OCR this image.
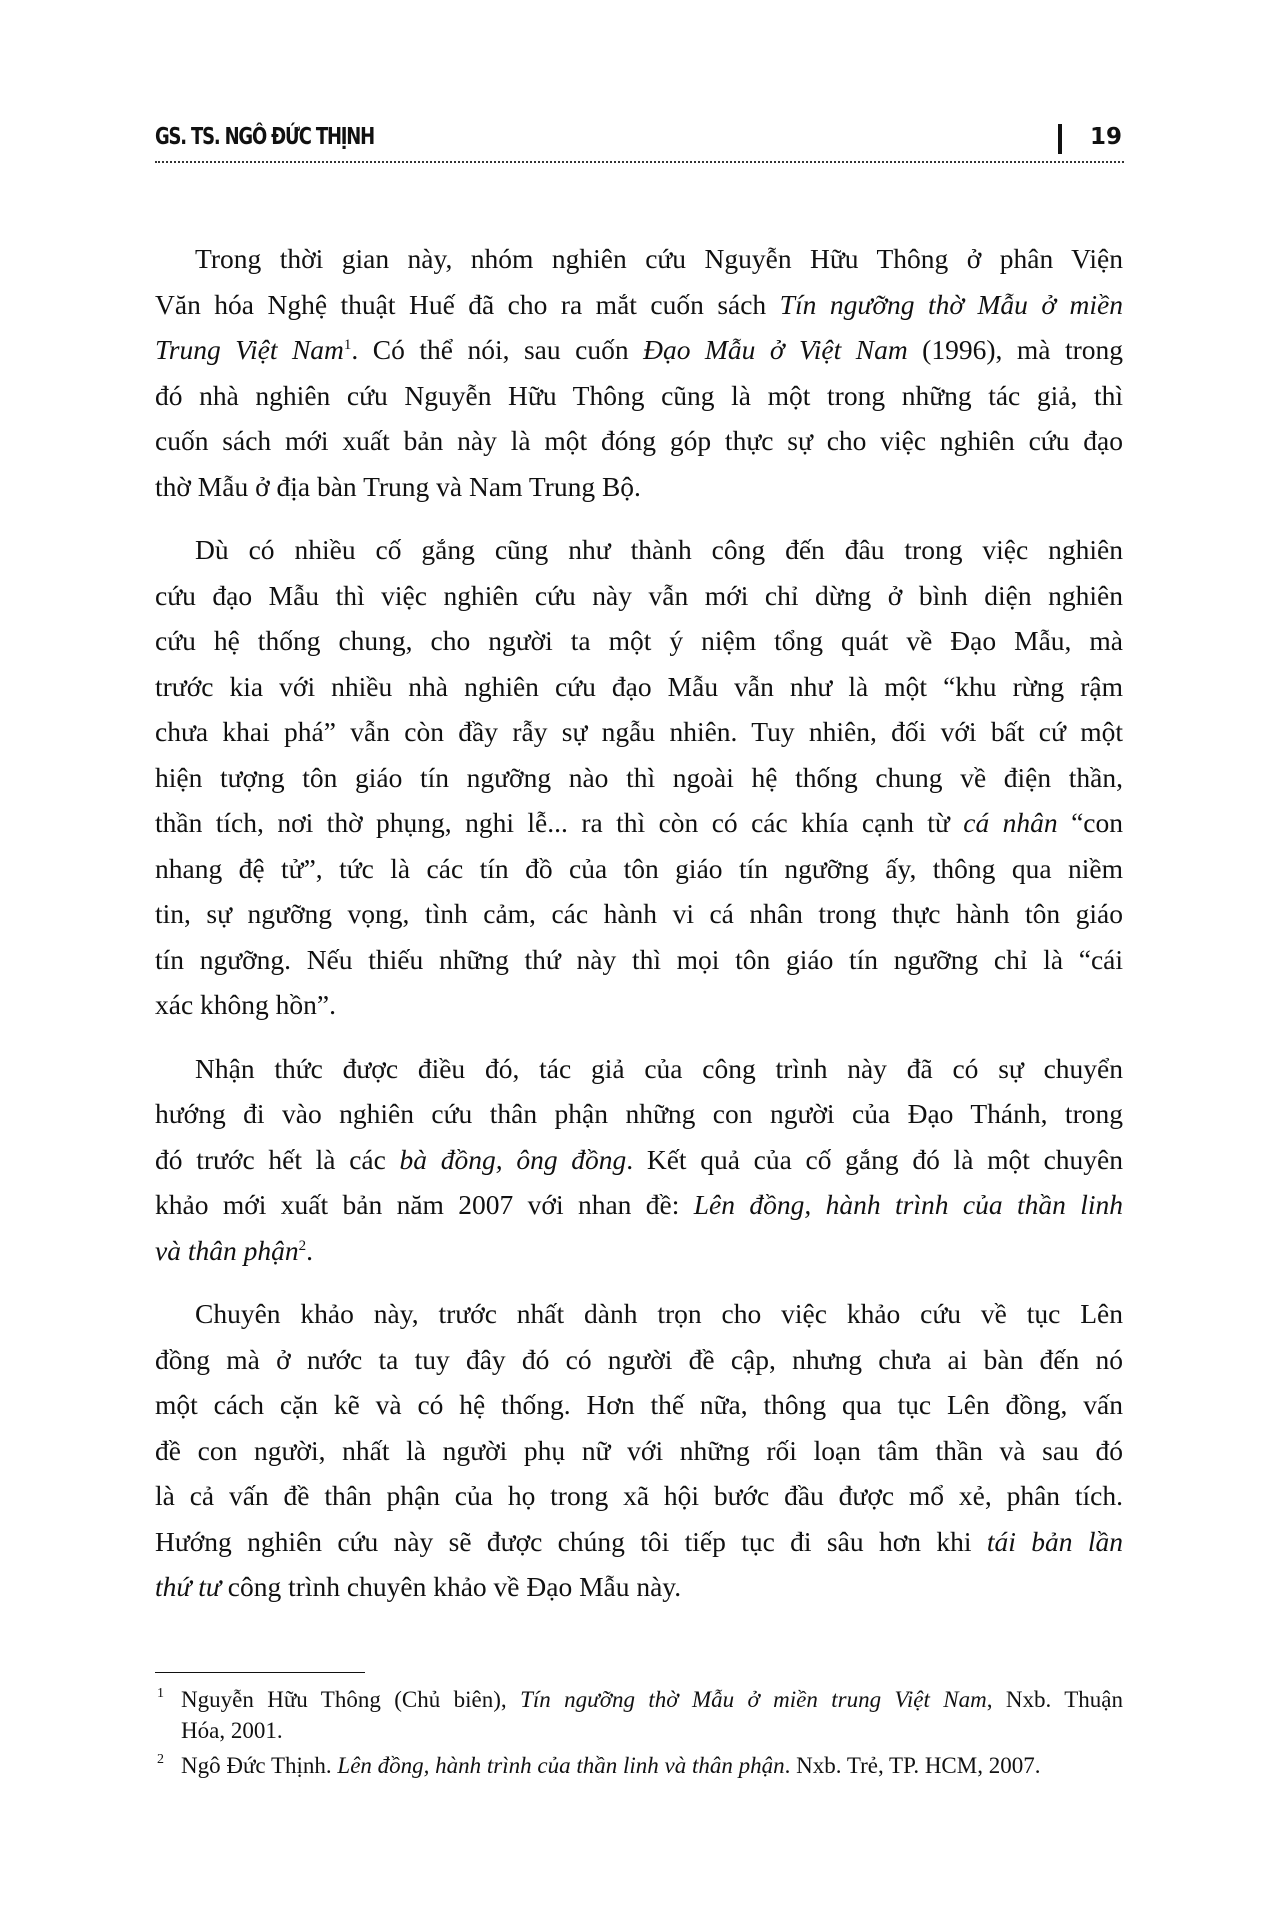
GS. TS. NGÔ ĐỨC THỊNH	19
Trong thời gian này, nhóm nghiên cứu Nguyễn Hữu Thông ở phân Viện
Văn hóa Nghệ thuật Huế đã cho ra mắt cuốn sách Tín ngưỡng thờ Mẫu ở miền
Trung Việt Nam$^1$. Có thể nói, sau cuốn Đạo Mẫu ở Việt Nam (1996), mà trong
đó nhà nghiên cứu Nguyễn Hữu Thông cũng là một trong những tác giả, thì
cuốn sách mới xuất bản này là một đóng góp thực sự cho việc nghiên cứu đạo
thờ Mẫu ở địa bàn Trung và Nam Trung Bộ.
Dù có nhiều cố gắng cũng như thành công đến đâu trong việc nghiên
cứu đạo Mẫu thì việc nghiên cứu này vẫn mới chỉ dừng ở bình diện nghiên
cứu hệ thống chung, cho người ta một ý niệm tổng quát về Đạo Mẫu, mà
trước kia với nhiều nhà nghiên cứu đạo Mẫu vẫn như là một “khu rừng rậm
chưa khai phá” vẫn còn đầy rẫy sự ngẫu nhiên. Tuy nhiên, đối với bất cứ một
hiện tượng tôn giáo tín ngưỡng nào thì ngoài hệ thống chung về điện thần,
thần tích, nơi thờ phụng, nghi lễ... ra thì còn có các khía cạnh từ cá nhân “con
nhang đệ tử”, tức là các tín đồ của tôn giáo tín ngưỡng ấy, thông qua niềm
tin, sự ngưỡng vọng, tình cảm, các hành vi cá nhân trong thực hành tôn giáo
tín ngưỡng. Nếu thiếu những thứ này thì mọi tôn giáo tín ngưỡng chỉ là “cái
xác không hồn”.
Nhận thức được điều đó, tác giả của công trình này đã có sự chuyển
hướng đi vào nghiên cứu thân phận những con người của Đạo Thánh, trong
đó trước hết là các bà đồng, ông đồng. Kết quả của cố gắng đó là một chuyên
khảo mới xuất bản năm 2007 với nhan đề: Lên đồng, hành trình của thần linh
và thân phận$^2$.
Chuyên khảo này, trước nhất dành trọn cho việc khảo cứu về tục Lên
đồng mà ở nước ta tuy đây đó có người đề cập, nhưng chưa ai bàn đến nó
một cách cặn kẽ và có hệ thống. Hơn thế nữa, thông qua tục Lên đồng, vấn
đề con người, nhất là người phụ nữ với những rối loạn tâm thần và sau đó
là cả vấn đề thân phận của họ trong xã hội bước đầu được mổ xẻ, phân tích.
Hướng nghiên cứu này sẽ được chúng tôi tiếp tục đi sâu hơn khi tái bản lần
thứ tư công trình chuyên khảo về Đạo Mẫu này.
1 Nguyễn Hữu Thông (Chủ biên), Tín ngưỡng thờ Mẫu ở miền trung Việt Nam, Nxb. Thuận
Hóa, 2001.
2 Ngô Đức Thịnh. Lên đồng, hành trình của thần linh và thân phận. Nxb. Trẻ, TP. HCM, 2007.
